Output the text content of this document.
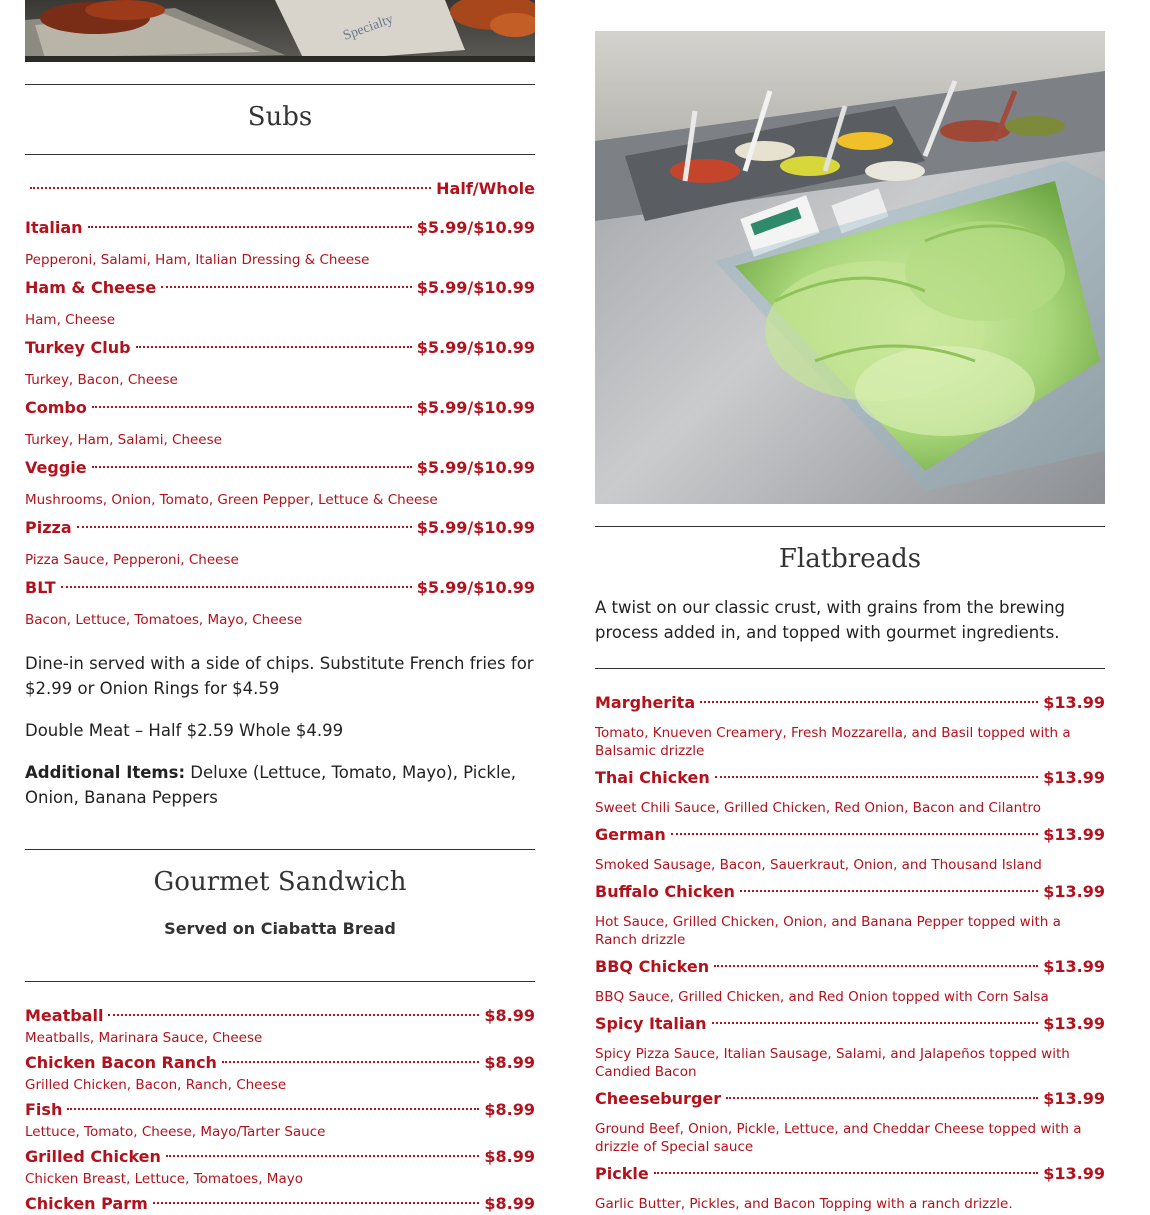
Specialty
Subs
Half/Whole
Italian	$5.99/$10.99
Pepperoni, Salami, Ham, Italian Dressing & Cheese
Ham & Cheese	$5.99/$10.99
Ham, Cheese
Turkey Club	$5.99/$10.99
Turkey, Bacon, Cheese
Combo	$5.99/$10.99
Turkey, Ham, Salami, Cheese
Veggie	$5.99/$10.99
Mushrooms, Onion, Tomato, Green Pepper, Lettuce & Cheese
Pizza	$5.99/$10.99
Pizza Sauce, Pepperoni, Cheese
BLT	$5.99/$10.99
Bacon, Lettuce, Tomatoes, Mayo, Cheese
Dine-in served with a side of chips. Substitute French fries for $2.99 or Onion Rings for $4.59
Double Meat – Half $2.59 Whole $4.99
Additional Items: Deluxe (Lettuce, Tomato, Mayo), Pickle, Onion, Banana Peppers
Gourmet Sandwich
Served on Ciabatta Bread
Meatball	$8.99
Meatballs, Marinara Sauce, Cheese
Chicken Bacon Ranch	$8.99
Grilled Chicken, Bacon, Ranch, Cheese
Fish	$8.99
Lettuce, Tomato, Cheese, Mayo/Tarter Sauce
Grilled Chicken	$8.99
Chicken Breast, Lettuce, Tomatoes, Mayo
Chicken Parm	$8.99
Flatbreads
A twist on our classic crust, with grains from the brewing process added in, and topped with gourmet ingredients.
Margherita	$13.99
Tomato, Knueven Creamery, Fresh Mozzarella, and Basil topped with a Balsamic drizzle
Thai Chicken	$13.99
Sweet Chili Sauce, Grilled Chicken, Red Onion, Bacon and Cilantro
German	$13.99
Smoked Sausage, Bacon, Sauerkraut, Onion, and Thousand Island
Buffalo Chicken	$13.99
Hot Sauce, Grilled Chicken, Onion, and Banana Pepper topped with a Ranch drizzle
BBQ Chicken	$13.99
BBQ Sauce, Grilled Chicken, and Red Onion topped with Corn Salsa
Spicy Italian	$13.99
Spicy Pizza Sauce, Italian Sausage, Salami, and Jalapeños topped with Candied Bacon
Cheeseburger	$13.99
Ground Beef, Onion, Pickle, Lettuce, and Cheddar Cheese topped with a drizzle of Special sauce
Pickle	$13.99
Garlic Butter, Pickles, and Bacon Topping with a ranch drizzle.
